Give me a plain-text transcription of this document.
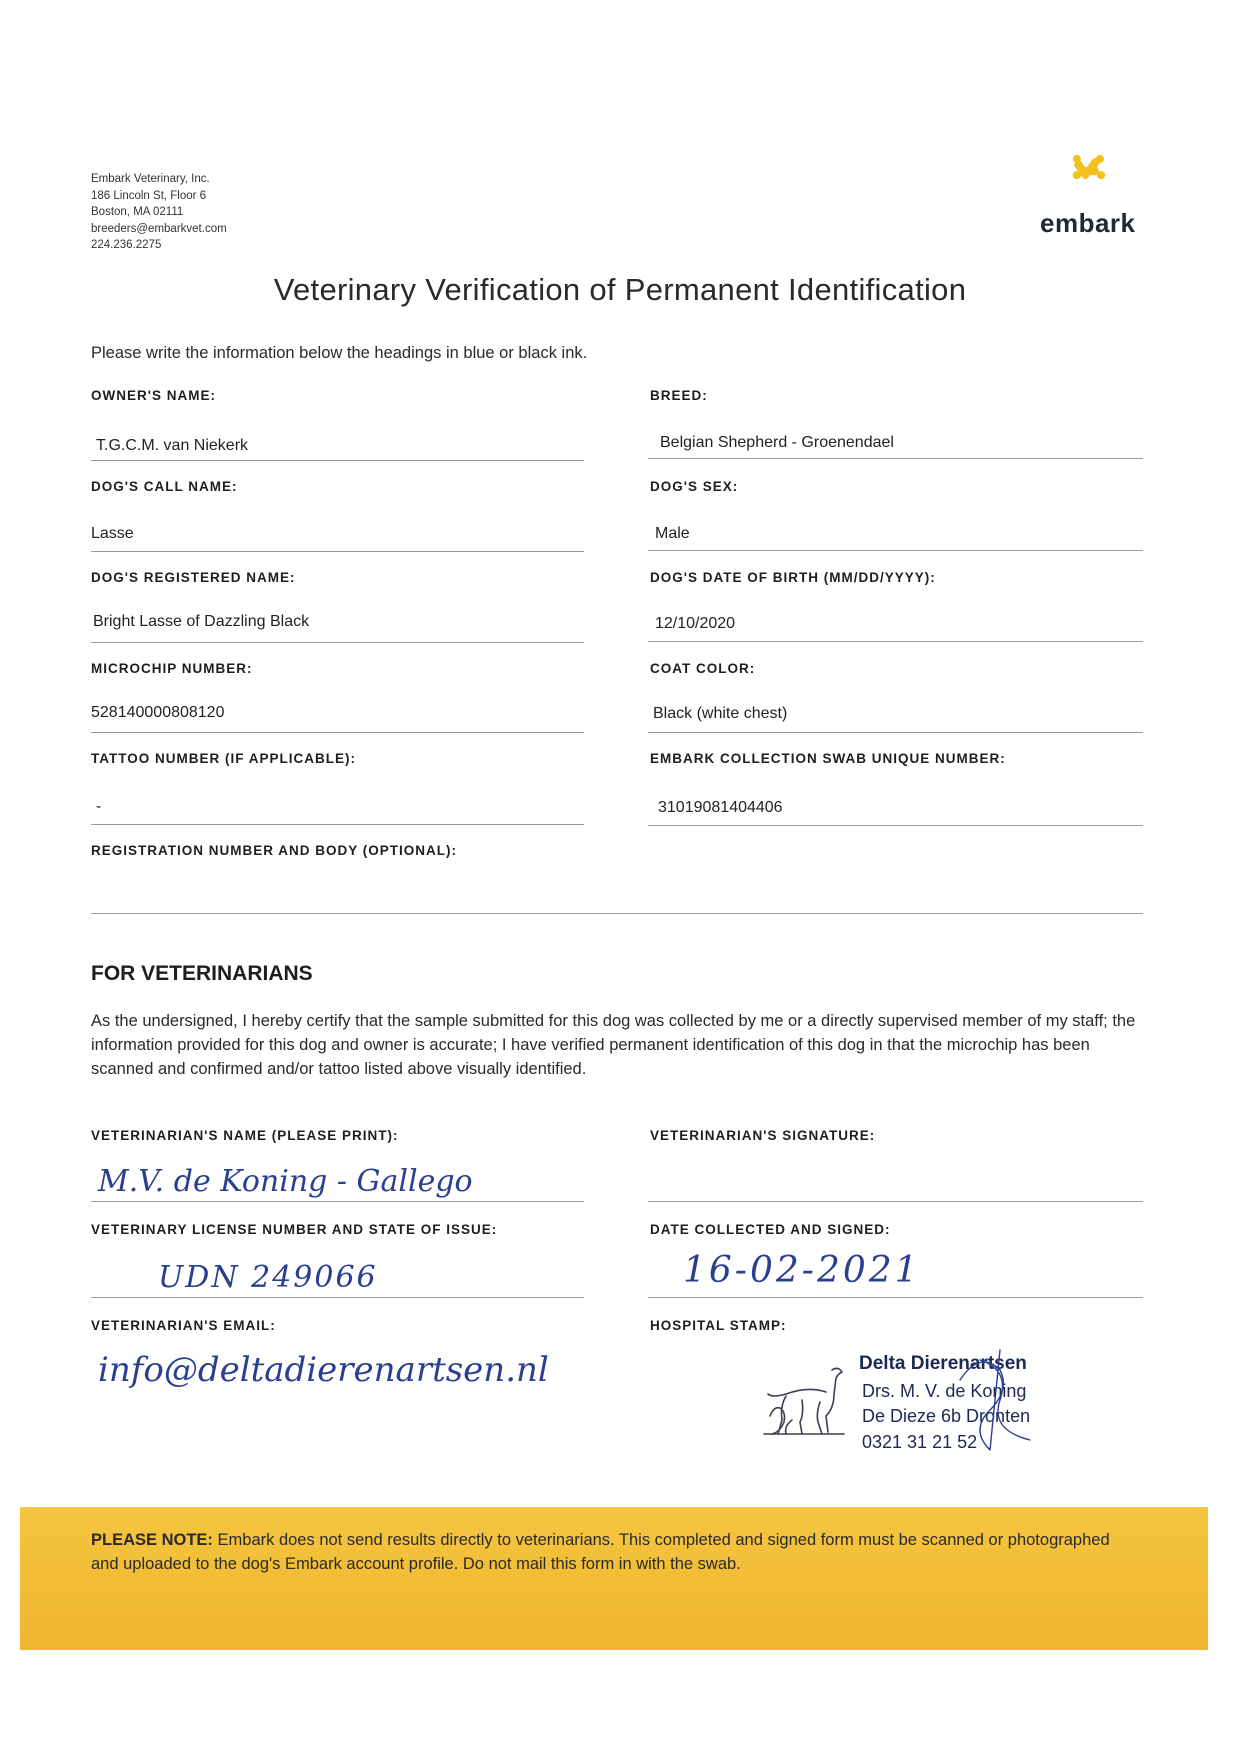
Embark Veterinary, Inc.
186 Lincoln St, Floor 6
Boston, MA 02111
breeders@embarkvet.com
224.236.2275
embark
Veterinary Verification of Permanent Identification
Please write the information below the headings in blue or black ink.
OWNER'S NAME:
T.G.C.M. van Niekerk
DOG'S CALL NAME:
Lasse
DOG'S REGISTERED NAME:
Bright Lasse of Dazzling Black
MICROCHIP NUMBER:
528140000808120
TATTOO NUMBER (IF APPLICABLE):
-
BREED:
Belgian Shepherd - Groenendael
DOG'S SEX:
Male
DOG'S DATE OF BIRTH (MM/DD/YYYY):
12/10/2020
COAT COLOR:
Black (white chest)
EMBARK COLLECTION SWAB UNIQUE NUMBER:
31019081404406
REGISTRATION NUMBER AND BODY (OPTIONAL):
FOR VETERINARIANS
As the undersigned, I hereby certify that the sample submitted for this dog was collected by me or a directly supervised member of my staff; the information provided for this dog and owner is accurate; I have verified permanent identification of this dog in that the microchip has been scanned and confirmed and/or tattoo listed above visually identified.
VETERINARIAN'S NAME (PLEASE PRINT):
M.V. de Koning - Gallego
VETERINARIAN'S SIGNATURE:
VETERINARY LICENSE NUMBER AND STATE OF ISSUE:
UDN 249066
DATE COLLECTED AND SIGNED:
16-02-2021
VETERINARIAN'S EMAIL:
info@deltadierenartsen.nl
HOSPITAL STAMP:
Delta Dierenartsen
Drs. M. V. de Koning
De Dieze 6b Dronten
0321 31 21 52
PLEASE NOTE: Embark does not send results directly to veterinarians. This completed and signed form must be scanned or photographed and uploaded to the dog's Embark account profile. Do not mail this form in with the swab.
